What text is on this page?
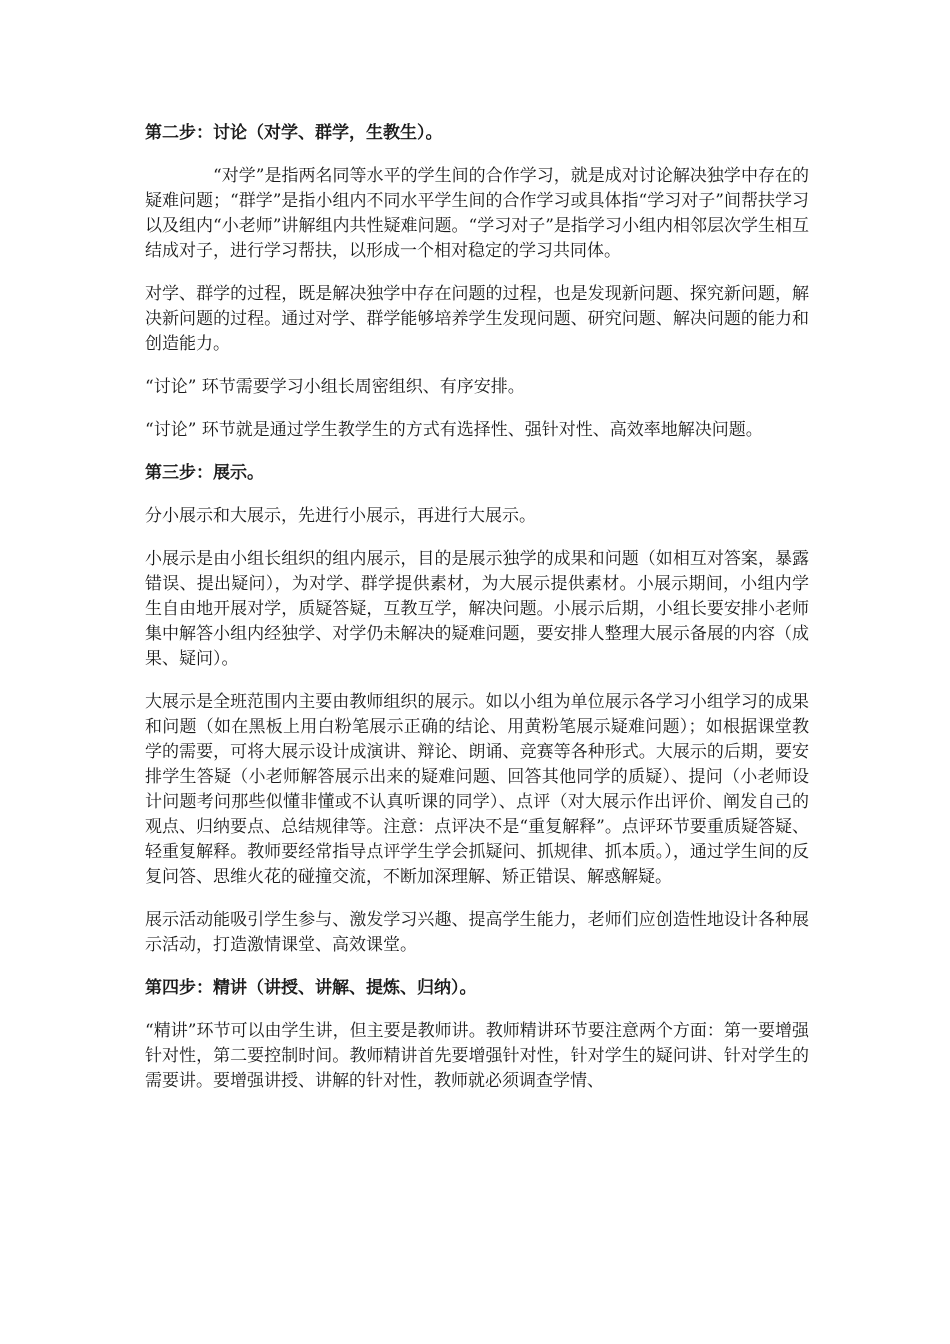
第二步：讨论（对学、群学，生教生）。
“对学”是指两名同等水平的学生间的合作学习，就是成对讨论解决独学中存在的疑难问题；“群学”是指小组内不同水平学生间的合作学习或具体指“学习对子”间帮扶学习以及组内“小老师”讲解组内共性疑难问题。“学习对子”是指学习小组内相邻层次学生相互结成对子，进行学习帮扶，以形成一个相对稳定的学习共同体。
对学、群学的过程，既是解决独学中存在问题的过程，也是发现新问题、探究新问题，解决新问题的过程。通过对学、群学能够培养学生发现问题、研究问题、解决问题的能力和创造能力。
“讨论” 环节需要学习小组长周密组织、有序安排。
“讨论” 环节就是通过学生教学生的方式有选择性、强针对性、高效率地解决问题。
第三步：展示。
分小展示和大展示，先进行小展示，再进行大展示。
小展示是由小组长组织的组内展示，目的是展示独学的成果和问题（如相互对答案，暴露错误、提出疑问），为对学、群学提供素材，为大展示提供素材。小展示期间，小组内学生自由地开展对学，质疑答疑，互教互学，解决问题。小展示后期，小组长要安排小老师集中解答小组内经独学、对学仍未解决的疑难问题，要安排人整理大展示备展的内容（成果、疑问）。
大展示是全班范围内主要由教师组织的展示。如以小组为单位展示各学习小组学习的成果和问题（如在黑板上用白粉笔展示正确的结论、用黄粉笔展示疑难问题）；如根据课堂教学的需要，可将大展示设计成演讲、辩论、朗诵、竞赛等各种形式。大展示的后期，要安排学生答疑（小老师解答展示出来的疑难问题、回答其他同学的质疑）、提问（小老师设计问题考问那些似懂非懂或不认真听课的同学）、点评（对大展示作出评价、阐发自己的观点、归纳要点、总结规律等。注意：点评决不是“重复解释”。点评环节要重质疑答疑、轻重复解释。教师要经常指导点评学生学会抓疑问、抓规律、抓本质。），通过学生间的反复问答、思维火花的碰撞交流，不断加深理解、矫正错误、解惑解疑。
展示活动能吸引学生参与、激发学习兴趣、提高学生能力，老师们应创造性地设计各种展示活动，打造激情课堂、高效课堂。
第四步：精讲（讲授、讲解、提炼、归纳）。
“精讲”环节可以由学生讲，但主要是教师讲。教师精讲环节要注意两个方面：第一要增强针对性，第二要控制时间。教师精讲首先要增强针对性，针对学生的疑问讲、针对学生的需要讲。要增强讲授、讲解的针对性，教师就必须调查学情、
